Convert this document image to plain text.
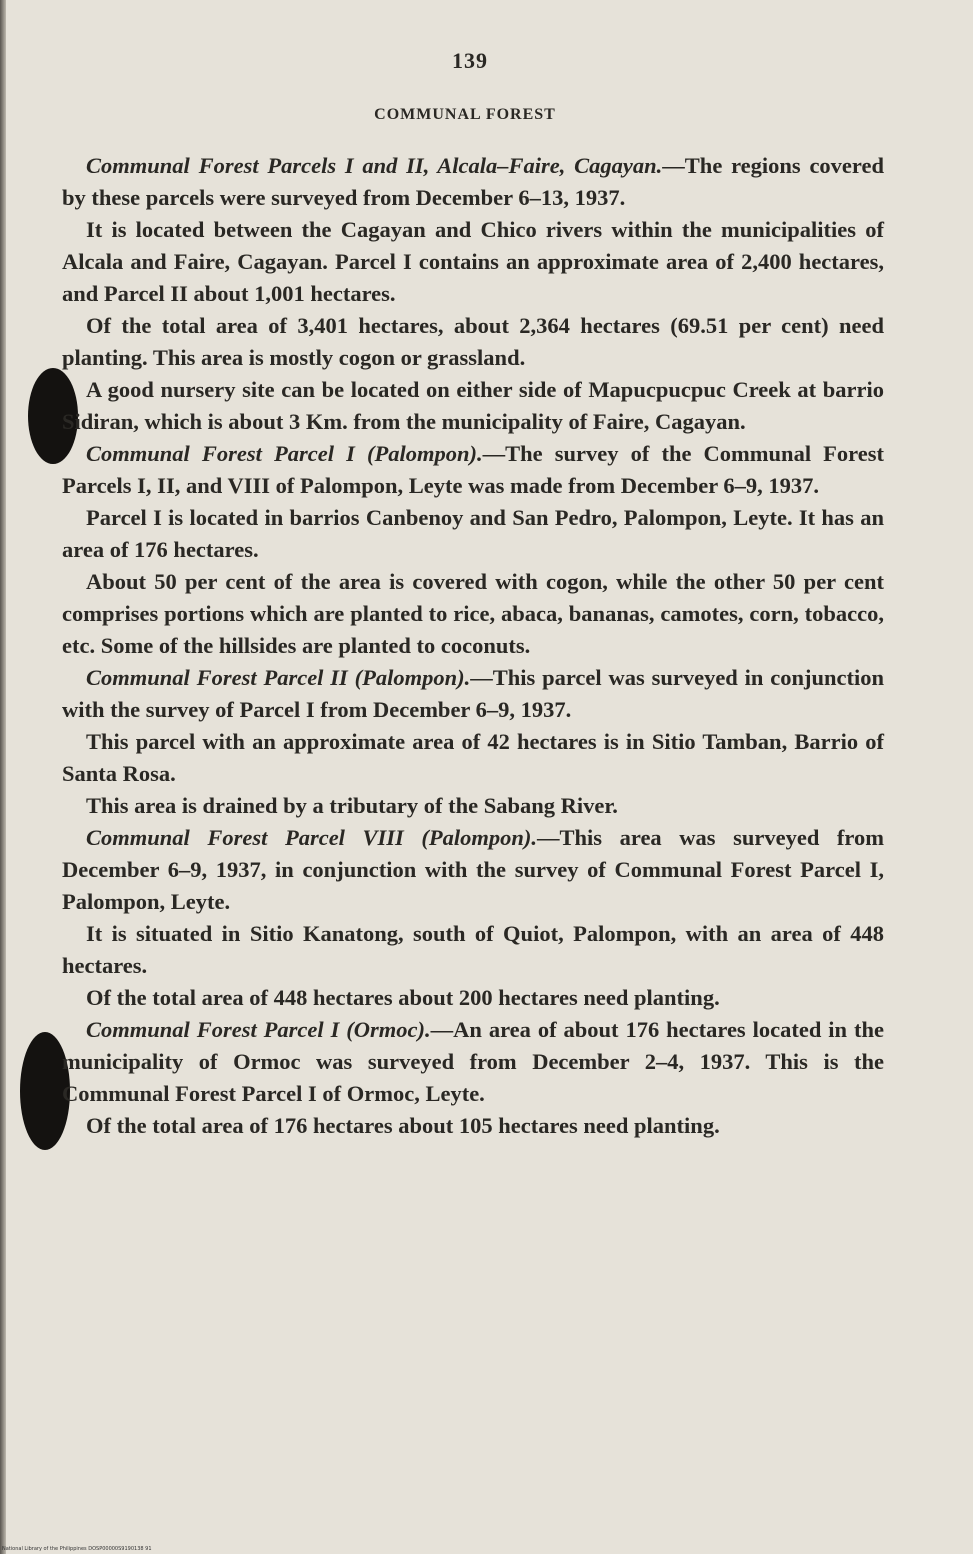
139
COMMUNAL FOREST

Communal Forest Parcels I and II, Alcala–Faire, Cagayan.—The regions covered by these parcels were surveyed from December 6–13, 1937.

It is located between the Cagayan and Chico rivers within the municipalities of Alcala and Faire, Cagayan. Parcel I contains an approximate area of 2,400 hectares, and Parcel II about 1,001 hectares.

Of the total area of 3,401 hectares, about 2,364 hectares (69.51 per cent) need planting. This area is mostly cogon or grassland.

A good nursery site can be located on either side of Mapucpucpuc Creek at barrio Sidiran, which is about 3 Km. from the municipality of Faire, Cagayan.

Communal Forest Parcel I (Palompon).—The survey of the Communal Forest Parcels I, II, and VIII of Palompon, Leyte was made from December 6–9, 1937.

Parcel I is located in barrios Canbenoy and San Pedro, Palompon, Leyte. It has an area of 176 hectares.

About 50 per cent of the area is covered with cogon, while the other 50 per cent comprises portions which are planted to rice, abaca, bananas, camotes, corn, tobacco, etc. Some of the hillsides are planted to coconuts.

Communal Forest Parcel II (Palompon).—This parcel was surveyed in conjunction with the survey of Parcel I from December 6–9, 1937.

This parcel with an approximate area of 42 hectares is in Sitio Tamban, Barrio of Santa Rosa.

This area is drained by a tributary of the Sabang River.

Communal Forest Parcel VIII (Palompon).—This area was surveyed from December 6–9, 1937, in conjunction with the survey of Communal Forest Parcel I, Palompon, Leyte.

It is situated in Sitio Kanatong, south of Quiot, Palompon, with an area of 448 hectares.

Of the total area of 448 hectares about 200 hectares need planting.

Communal Forest Parcel I (Ormoc).—An area of about 176 hectares located in the municipality of Ormoc was surveyed from December 2–4, 1937. This is the Communal Forest Parcel I of Ormoc, Leyte.

Of the total area of 176 hectares about 105 hectares need planting.

National Library of the Philippines DOSP00000S9190138 91
